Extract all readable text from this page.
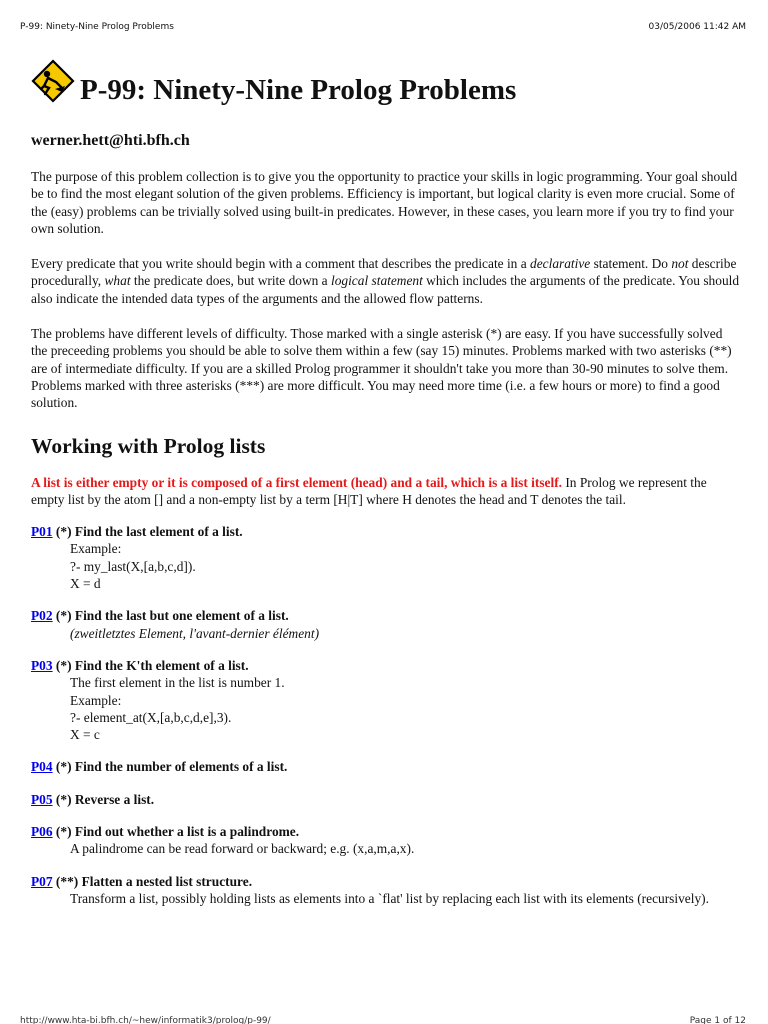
P-99: Ninety-Nine Prolog Problems	03/05/2006 11:42 AM
P-99: Ninety-Nine Prolog Problems
werner.hett@hti.bfh.ch

The purpose of this problem collection is to give you the opportunity to practice your skills in logic programming. Your goal should be to find the most elegant solution of the given problems. Efficiency is important, but logical clarity is even more crucial. Some of the (easy) problems can be trivially solved using built-in predicates. However, in these cases, you learn more if you try to find your own solution.

Every predicate that you write should begin with a comment that describes the predicate in a declarative statement. Do not describe procedurally, what the predicate does, but write down a logical statement which includes the arguments of the predicate. You should also indicate the intended data types of the arguments and the allowed flow patterns.

The problems have different levels of difficulty. Those marked with a single asterisk (*) are easy. If you have successfully solved the preceeding problems you should be able to solve them within a few (say 15) minutes. Problems marked with two asterisks (**) are of intermediate difficulty. If you are a skilled Prolog programmer it shouldn't take you more than 30-90 minutes to solve them. Problems marked with three asterisks (***) are more difficult. You may need more time (i.e. a few hours or more) to find a good solution.

Working with Prolog lists

A list is either empty or it is composed of a first element (head) and a tail, which is a list itself. In Prolog we represent the empty list by the atom [] and a non-empty list by a term [H|T] where H denotes the head and T denotes the tail.

P01 (*) Find the last element of a list.
Example:
?- my_last(X,[a,b,c,d]).
X = d
P02 (*) Find the last but one element of a list.
(zweitletztes Element, l'avant-dernier élément)
P03 (*) Find the K'th element of a list.
The first element in the list is number 1.
Example:
?- element_at(X,[a,b,c,d,e],3).
X = c
P04 (*) Find the number of elements of a list.
P05 (*) Reverse a list.
P06 (*) Find out whether a list is a palindrome.
A palindrome can be read forward or backward; e.g. (x,a,m,a,x).
P07 (**) Flatten a nested list structure.
Transform a list, possibly holding lists as elements into a `flat' list by replacing each list with its elements (recursively).
http://www.hta-bi.bfh.ch/~hew/informatik3/prolog/p-99/	Page 1 of 12
